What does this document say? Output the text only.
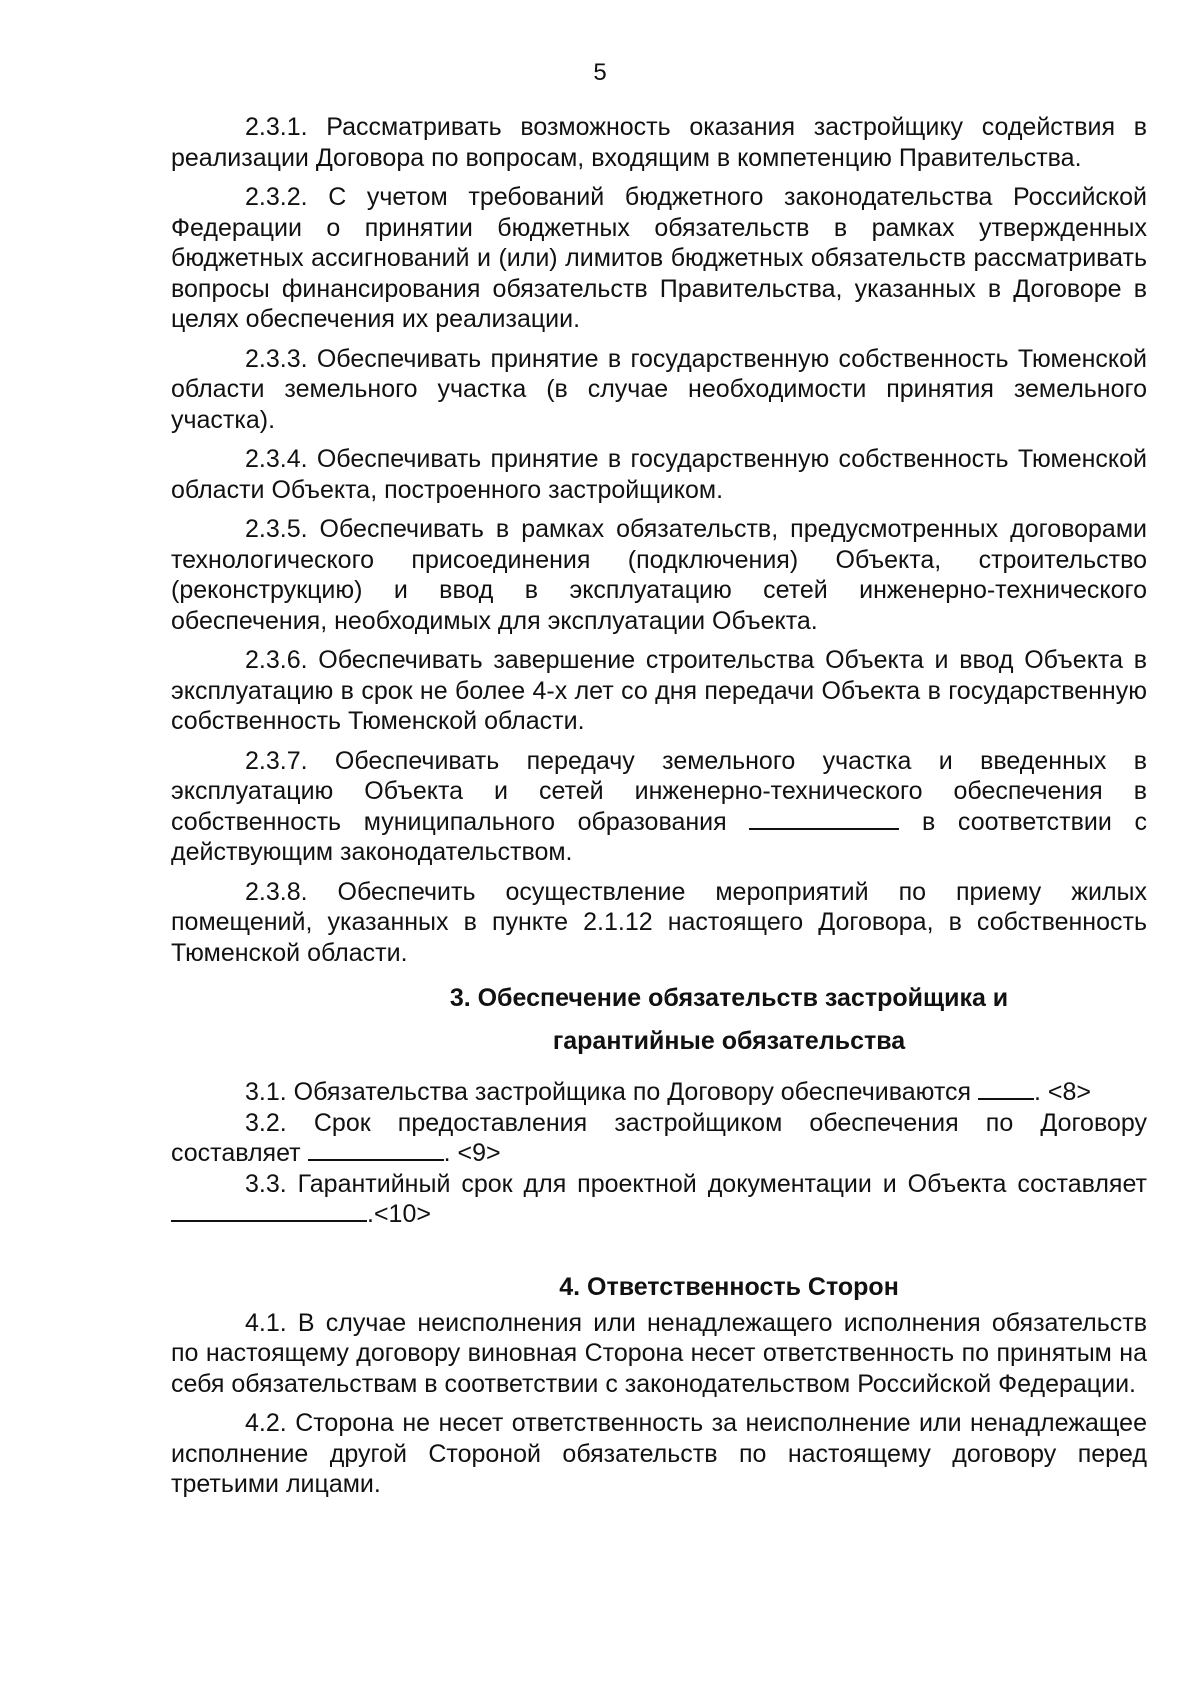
5

2.3.1. Рассматривать возможность оказания застройщику содействия в реализации Договора по вопросам, входящим в компетенцию Правительства.

2.3.2. С учетом требований бюджетного законодательства Российской Федерации о принятии бюджетных обязательств в рамках утвержденных бюджетных ассигнований и (или) лимитов бюджетных обязательств рассматривать вопросы финансирования обязательств Правительства, указанных в Договоре в целях обеспечения их реализации.

2.3.3. Обеспечивать принятие в государственную собственность Тюменской области земельного участка (в случае необходимости принятия земельного участка).

2.3.4. Обеспечивать принятие в государственную собственность Тюменской области Объекта, построенного застройщиком.

2.3.5. Обеспечивать в рамках обязательств, предусмотренных договорами технологического присоединения (подключения) Объекта, строительство (реконструкцию) и ввод в эксплуатацию сетей инженерно-технического обеспечения, необходимых для эксплуатации Объекта.

2.3.6. Обеспечивать завершение строительства Объекта и ввод Объекта в эксплуатацию в срок не более 4-х лет со дня передачи Объекта в государственную собственность Тюменской области.

2.3.7. Обеспечивать передачу земельного участка и введенных в эксплуатацию Объекта и сетей инженерно-технического обеспечения в собственность муниципального образования	в соответствии с действующим законодательством.

2.3.8. Обеспечить осуществление мероприятий по приему жилых помещений, указанных в пункте 2.1.12 настоящего Договора, в собственность Тюменской области.

3. Обеспечение обязательств застройщика и
гарантийные обязательства

3.1. Обязательства застройщика по Договору обеспечиваются	. <8>

3.2. Срок предоставления застройщиком обеспечения по Договору составляет	. <9>

3.3. Гарантийный срок для проектной документации и Объекта составляет .<10>

4. Ответственность Сторон

4.1. В случае неисполнения или ненадлежащего исполнения обязательств по настоящему договору виновная Сторона несет ответственность по принятым на себя обязательствам в соответствии с законодательством Российской Федерации.

4.2. Сторона не несет ответственность за неисполнение или ненадлежащее исполнение другой Стороной обязательств по настоящему договору перед третьими лицами.
